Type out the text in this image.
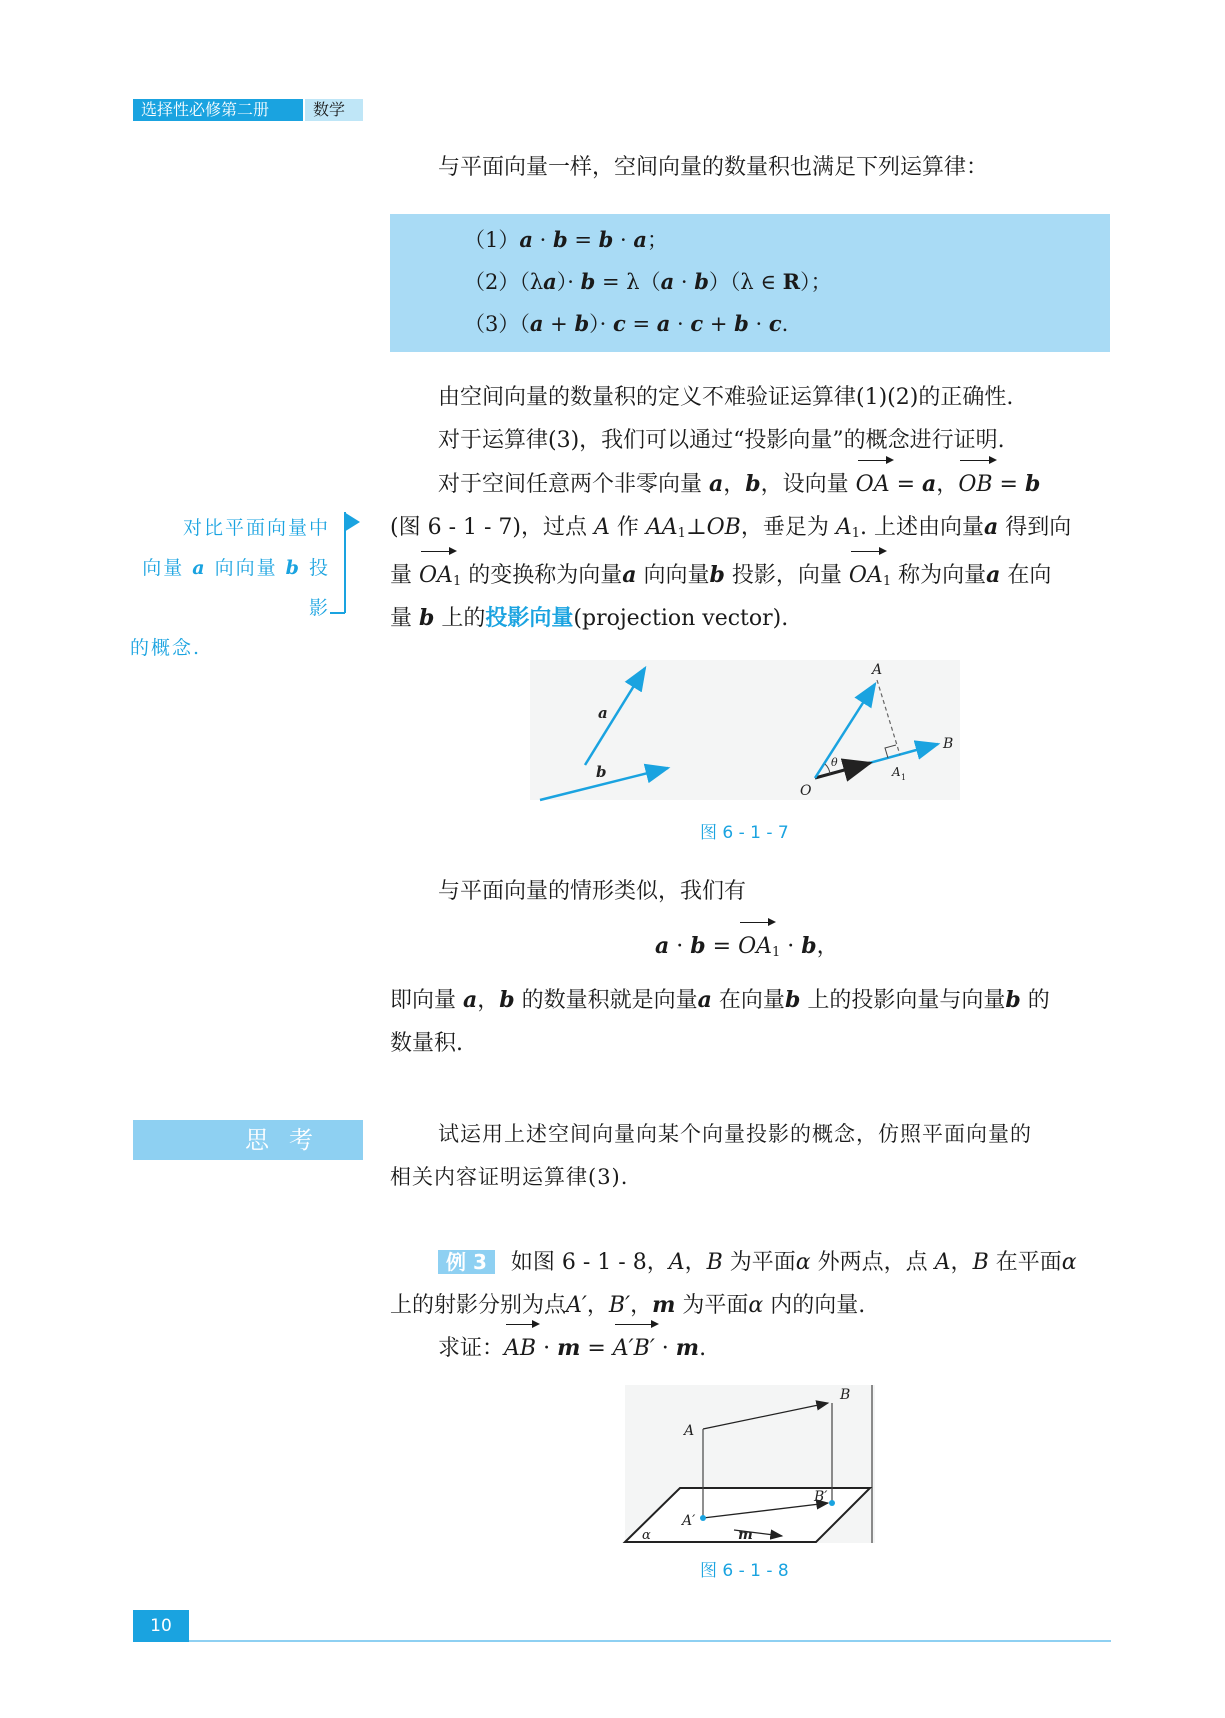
选择性必修第二册	数学
与平面向量一样，空间向量的数量积也满足下列运算律：
（1）a · b = b · a；
（2）（λa）· b = λ（a · b）（λ ∈ R）；
（3）（a + b）· c = a · c + b · c.
由空间向量的数量积的定义不难验证运算律(1)(2)的正确性.
对于运算律(3)，我们可以通过“投影向量”的概念进行证明.
对于空间任意两个非零向量 a，b，设向量 OA = a，OB = b
(图 6 - 1 - 7)，过点 A 作 $AA_1\perp OB$，垂足为 $A_1$. 上述由向量a 得到向
量 $OA_1$ 的变换称为向量a 向向量b 投影，向量 $OA_1$ 称为向量a 在向
量 b 上的投影向量(projection vector).
对比平面向量中
向量 a 向向量 b 投影
的概念.
a
b
θ
A
B
O
A 1
图 6 - 1 - 7
与平面向量的情形类似，我们有
$a \cdot b = OA_1 \cdot b$，
即向量 a，b 的数量积就是向量a 在向量b 上的投影向量与向量b 的
数量积.
思考	试运用上述空间向量向某个向量投影的概念，仿照平面向量的
相关内容证明运算律(3).
例 3 如图 6 - 1 - 8，A，B 为平面α 外两点，点 A，B 在平面α
上的射影分别为点A′，B′，m 为平面α 内的向量.
求证：AB · m = A′B′ · m.
B
A
A′
B′
m
α
图 6 - 1 - 8
10
